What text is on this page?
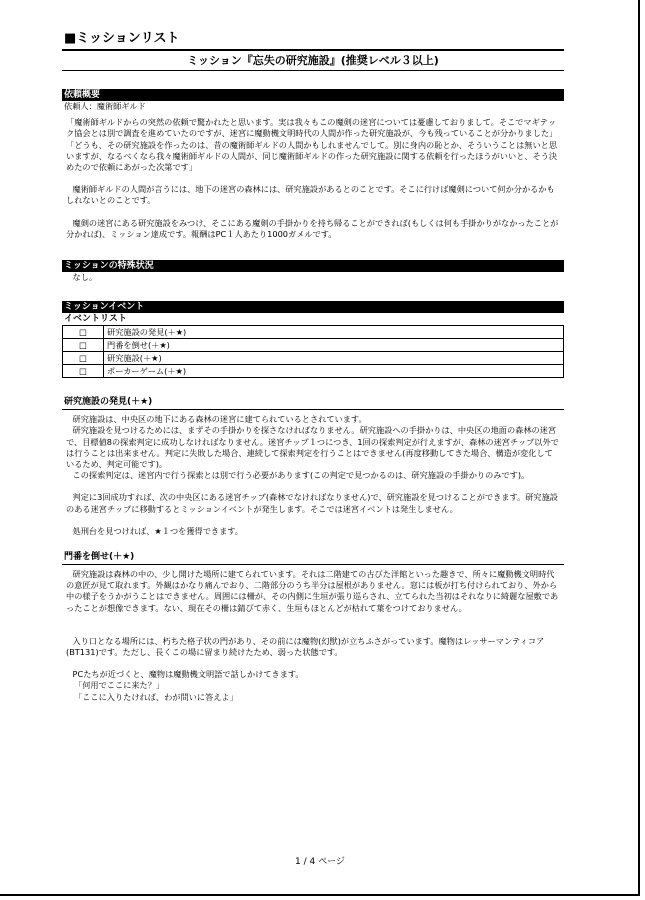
■ミッションリスト
ミッション『忘失の研究施設』(推奨レベル３以上)
依頼概要

依頼人：魔術師ギルド

「魔術師ギルドからの突然の依頼で驚かれたと思います。実は我々もこの魔剣の迷宮については憂慮しておりまして。そこでマギテック協会とは別で調査を進めていたのですが、迷宮に魔動機文明時代の人間が作った研究施設が、今も残っていることが分かりました」

「どうも、その研究施設を作ったのは、昔の魔術師ギルドの人間かもしれませんでして。別に身内の恥とか、そういうことは無いと思いますが、なるべくなら我々魔術師ギルドの人間が、同じ魔術師ギルドの作った研究施設に関する依頼を行ったほうがいいと、そう決めたので依頼にあがった次第です」

魔術師ギルドの人間が言うには、地下の迷宮の森林には、研究施設があるとのことです。そこに行けば魔剣について何か分かるかもしれないとのことです。

魔剣の迷宮にある研究施設をみつけ、そこにある魔剣の手掛かりを持ち帰ることができれば(もしくは何も手掛かりがなかったことが分かれば)、ミッション達成です。報酬はPC１人あたり1000ガメルです。

ミッションの特殊状況

なし。

ミッションイベント
イベントリスト
□	研究施設の発見(＋★)
□	門番を倒せ(＋★)
□	研究施設(＋★)
□	ポーカーゲーム(＋★)
研究施設の発見(＋★)

研究施設は、中央区の地下にある森林の迷宮に建てられているとされています。

研究施設を見つけるためには、まずその手掛かりを探さなければなりません。研究施設への手掛かりは、中央区の地面の森林の迷宮で、目標値8の探索判定に成功しなければなりません。迷宮チップ１つにつき、1回の探索判定が行えますが、森林の迷宮チップ以外では行うことは出来ません。判定に失敗した場合、連続して探索判定を行うことはできません(再度移動してきた場合、構造が変化しているため、判定可能です)。

この探索判定は、迷宮内で行う探索とは別で行う必要があります(この判定で見つかるのは、研究施設の手掛かりのみです)。

判定に3回成功すれば、次の中央区にある迷宮チップ(森林でなければなりません)で、研究施設を見つけることができます。研究施設のある迷宮チップに移動するとミッションイベントが発生します。そこでは迷宮イベントは発生しません。

処刑台を見つければ、★１つを獲得できます。

門番を倒せ(＋★)

研究施設は森林の中の、少し開けた場所に建てられています。それは二階建ての古びた洋館といった趣きで、所々に魔動機文明時代の意匠が見て取れます。外観はかなり痛んでおり、二階部分のうち半分は屋根がありません。窓には板が打ち付けられており、外から中の様子をうかがうことはできません。周囲には柵が、その内側に生垣が張り巡らされ、立てられた当初はそれなりに綺麗な屋敷であったことが想像できます。ない、現在その柵は錆びて赤く、生垣もほとんどが枯れて葉をつけておりません。

入り口となる場所には、朽ちた格子状の門があり、その前には魔物(幻獣)が立ちふさがっています。魔物はレッサーマンティコア(BT131)です。ただし、長くこの場に留まり続けたため、弱った状態です。

PCたちが近づくと、魔物は魔動機文明語で話しかけてきます。

「何用でここに来た？」

「ここに入りたければ、わが問いに答えよ」

1 / 4 ページ
